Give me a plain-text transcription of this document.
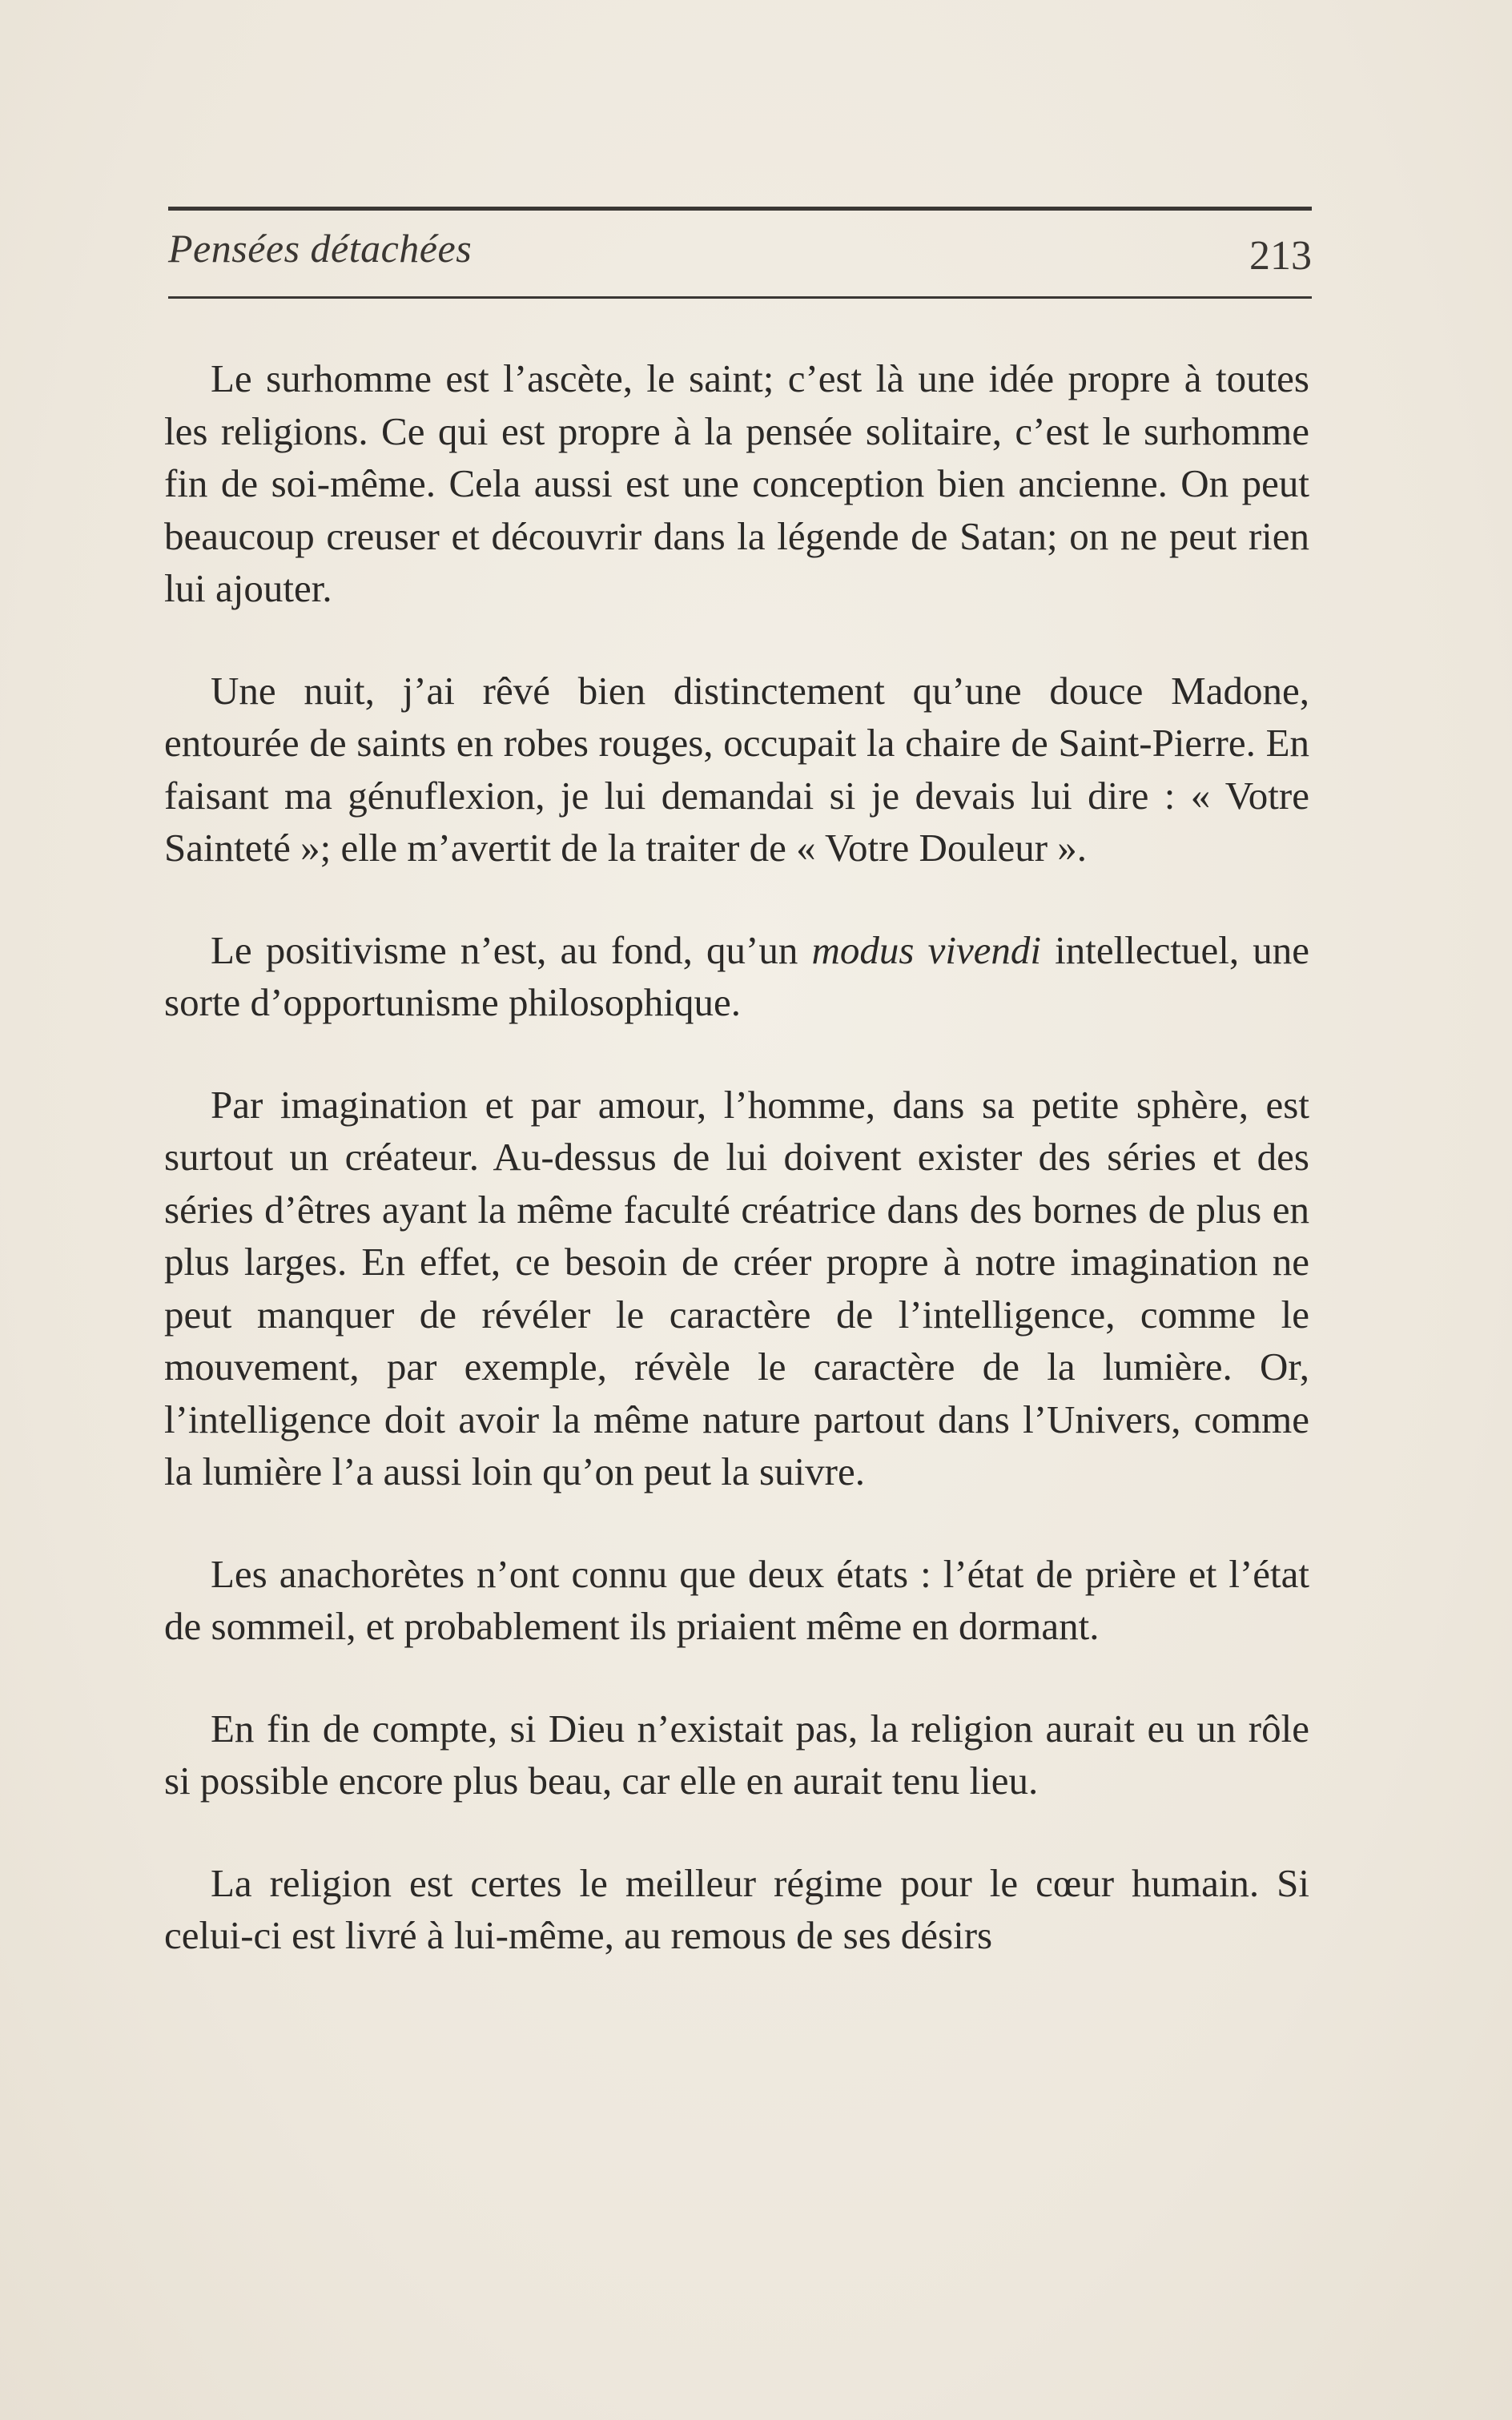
Pensées détachées	213

Le surhomme est l’ascète, le saint; c’est là une idée propre à toutes les religions. Ce qui est propre à la pensée solitaire, c’est le surhomme fin de soi-même. Cela aussi est une conception bien ancienne. On peut beaucoup creuser et découvrir dans la légende de Satan; on ne peut rien lui ajouter.

Une nuit, j’ai rêvé bien distinctement qu’une douce Madone, entourée de saints en robes rouges, occupait la chaire de Saint-Pierre. En faisant ma génuflexion, je lui demandai si je devais lui dire : « Votre Sainteté »; elle m’avertit de la traiter de « Votre Douleur ».

Le positivisme n’est, au fond, qu’un modus vivendi intellectuel, une sorte d’opportunisme philosophique.

Par imagination et par amour, l’homme, dans sa petite sphère, est surtout un créateur. Au-dessus de lui doivent exister des séries et des séries d’êtres ayant la même faculté créatrice dans des bornes de plus en plus larges. En effet, ce besoin de créer propre à notre imagination ne peut manquer de révéler le caractère de l’intelligence, comme le mouvement, par exemple, révèle le caractère de la lumière. Or, l’intelligence doit avoir la même nature partout dans l’Univers, comme la lumière l’a aussi loin qu’on peut la suivre.

Les anachorètes n’ont connu que deux états : l’état de prière et l’état de sommeil, et probablement ils priaient même en dormant.

En fin de compte, si Dieu n’existait pas, la religion aurait eu un rôle si possible encore plus beau, car elle en aurait tenu lieu.

La religion est certes le meilleur régime pour le cœur humain. Si celui-ci est livré à lui-même, au remous de ses désirs
